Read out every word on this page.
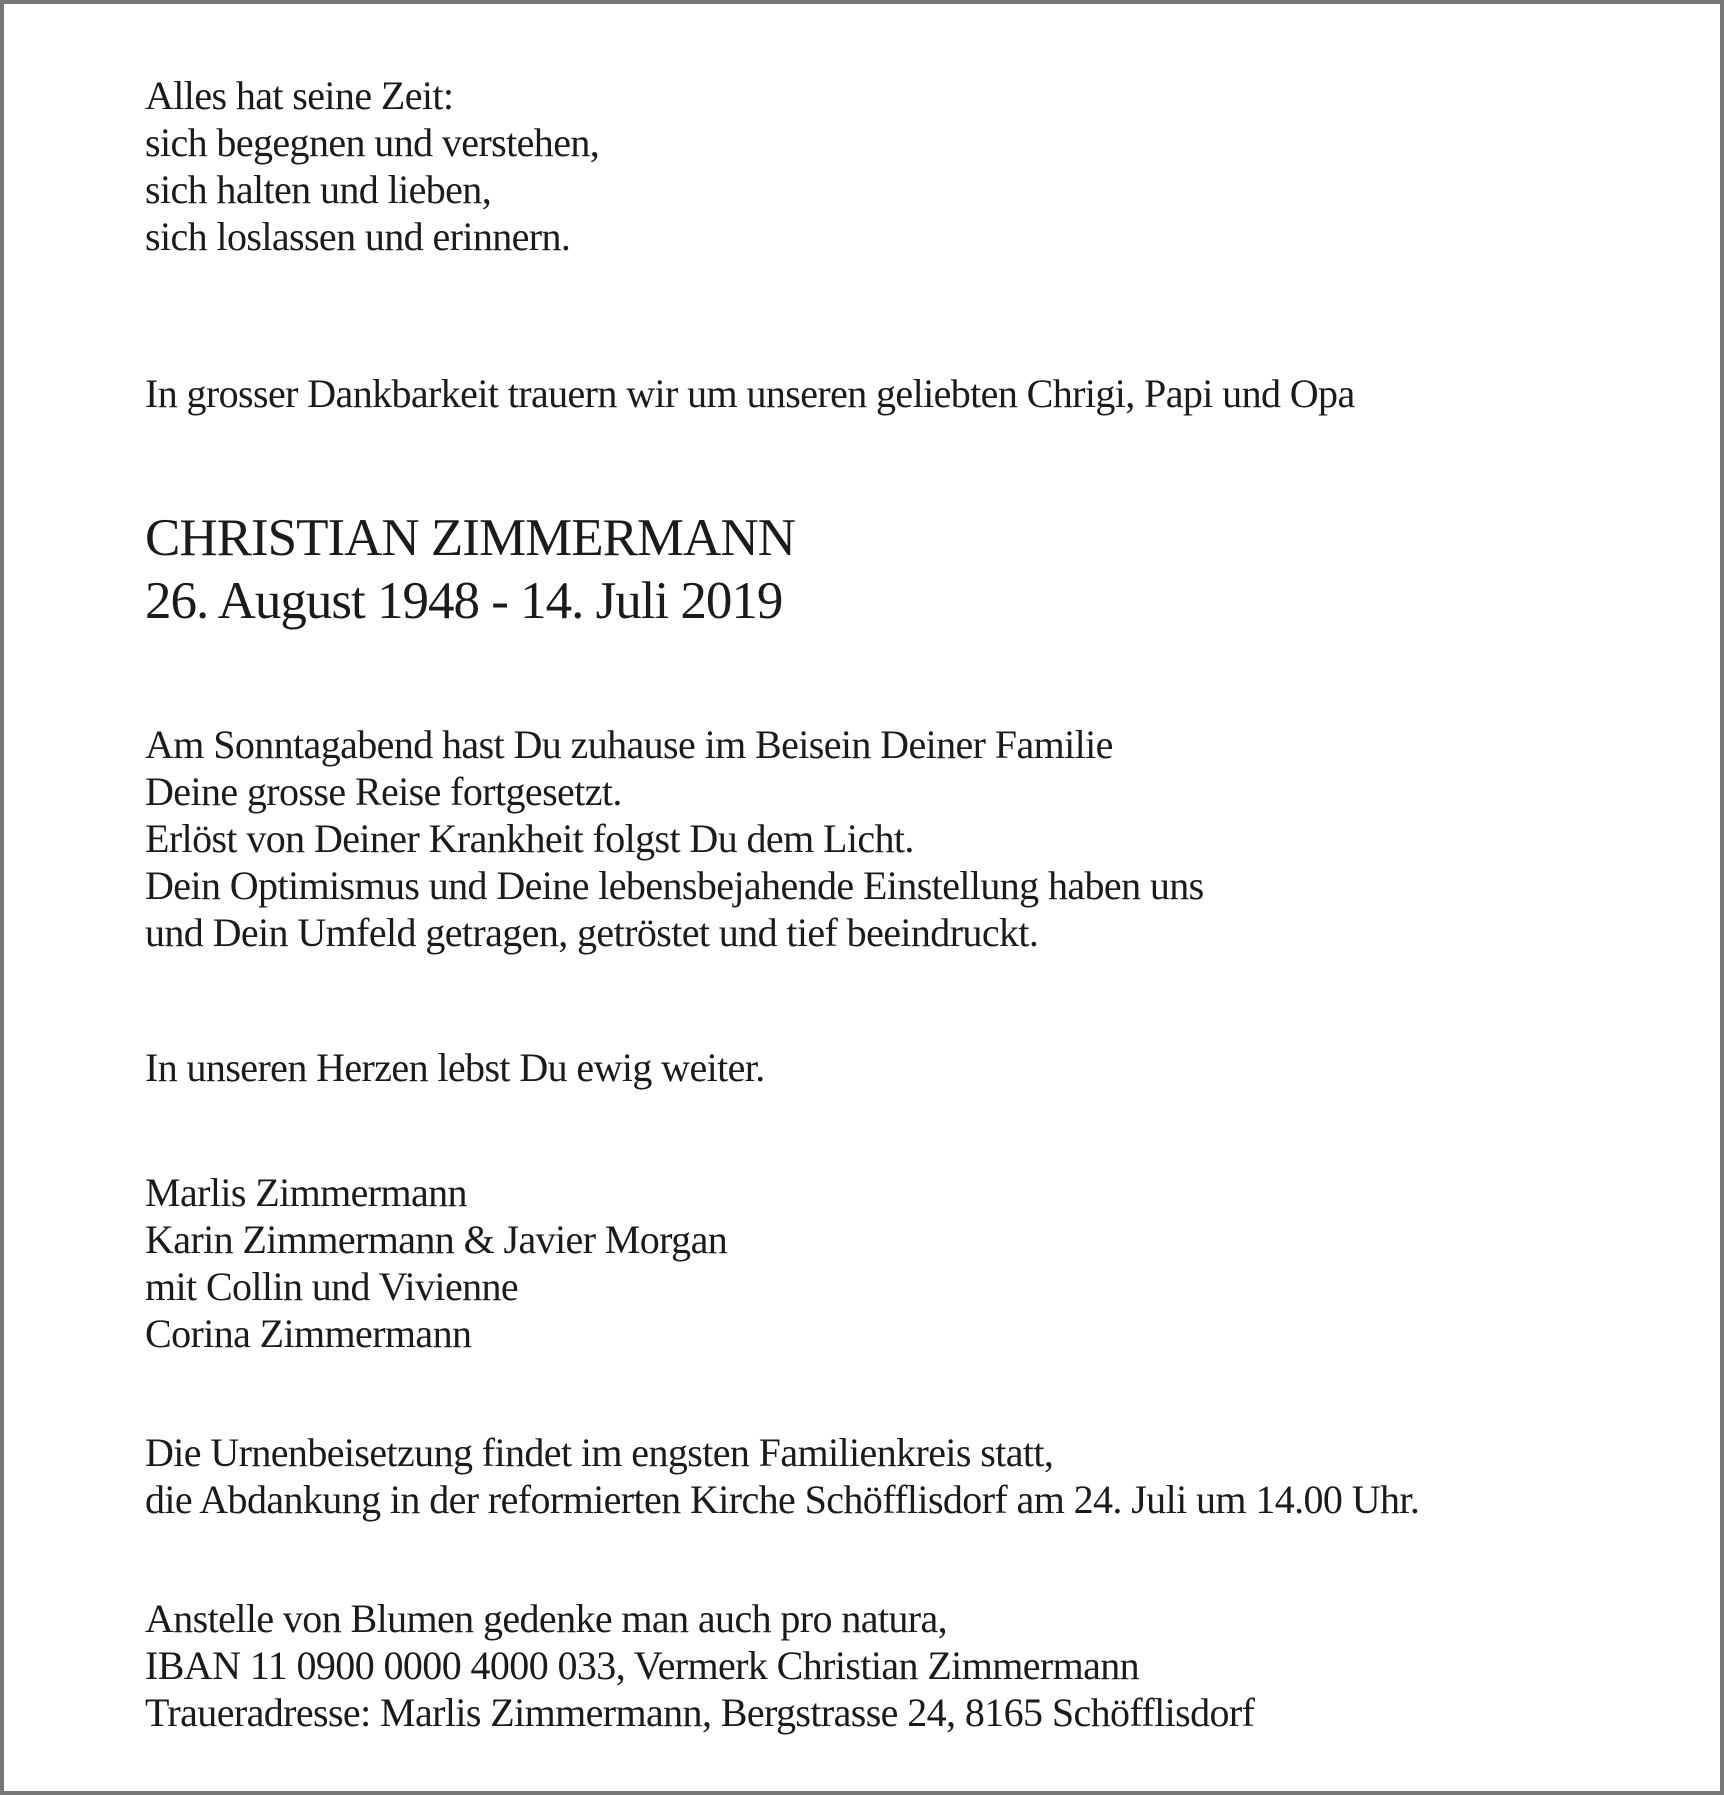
Alles hat seine Zeit:
sich begegnen und verstehen,
sich halten und lieben,
sich loslassen und erinnern.
In grosser Dankbarkeit trauern wir um unseren geliebten Chrigi, Papi und Opa
CHRISTIAN ZIMMERMANN
26. August 1948 - 14. Juli 2019
Am Sonntagabend hast Du zuhause im Beisein Deiner Familie
Deine grosse Reise fortgesetzt.
Erlöst von Deiner Krankheit folgst Du dem Licht.
Dein Optimismus und Deine lebensbejahende Einstellung haben uns
und Dein Umfeld getragen, getröstet und tief beeindruckt.
In unseren Herzen lebst Du ewig weiter.
Marlis Zimmermann
Karin Zimmermann & Javier Morgan
mit Collin und Vivienne
Corina Zimmermann
Die Urnenbeisetzung findet im engsten Familienkreis statt,
die Abdankung in der reformierten Kirche Schöfflisdorf am 24. Juli um 14.00 Uhr.
Anstelle von Blumen gedenke man auch pro natura,
IBAN 11 0900 0000 4000 033, Vermerk Christian Zimmermann
Traueradresse: Marlis Zimmermann, Bergstrasse 24, 8165 Schöfflisdorf
